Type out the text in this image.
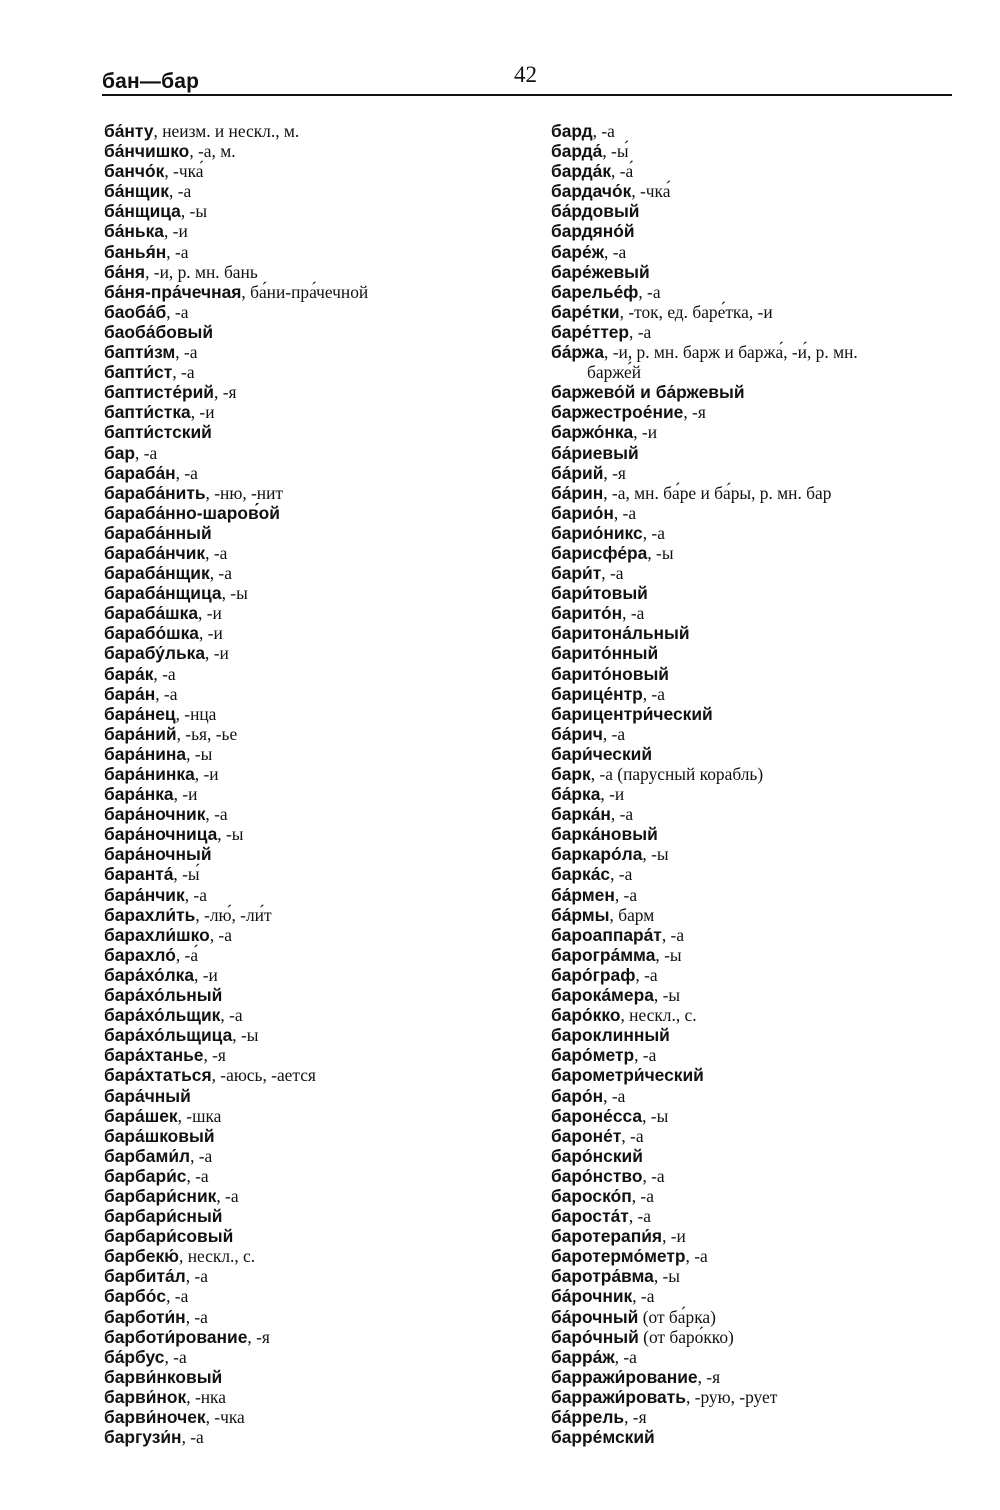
бан—бар	42
ба́нту, неизм. и нескл., м.
ба́нчишко, -а, м.
банчо́к, -чка́
ба́нщик, -а
ба́нщица, -ы
ба́нька, -и
банья́н, -а
ба́ня, -и, р. мн. бань
ба́ня-пра́чечная, ба́ни-пра́чечной
баоба́б, -а
баоба́бовый
бапти́зм, -а
бапти́ст, -а
баптисте́рий, -я
бапти́стка, -и
бапти́стский
бар, -а
бараба́н, -а
бараба́нить, -ню, -нит
бараба́нно-шаров́ой
бараба́нный
бараба́нчик, -а
бараба́нщик, -а
бараба́нщица, -ы
бараба́шка, -и
барабо́шка, -и
барабу́лька, -и
бара́к, -а
бара́н, -а
бара́нец, -нца
бара́ний, -ья, -ье
бара́нина, -ы
бара́нинка, -и
бара́нка, -и
бара́ночник, -а
бара́ночница, -ы
бара́ночный
баранта́, -ы́
бара́нчик, -а
барахли́ть, -лю́, -ли́т
барахли́шко, -а
барахло́, -а́
бара́хо́лка, -и
бара́хо́льный
бара́хо́льщик, -а
бара́хо́льщица, -ы
бара́хтанье, -я
бара́хтаться, -аюсь, -ается
бара́чный
бара́шек, -шка
бара́шковый
барбами́л, -а
барбари́с, -а
барбари́сник, -а
барбари́сный
барбари́совый
барбекю́, нескл., с.
барбита́л, -а
барбо́с, -а
барботи́н, -а
барботи́рование, -я
ба́рбус, -а
барви́нковый
барви́нок, -нка
барви́ночек, -чка
баргузи́н, -а
бард, -а
барда́, -ы́
барда́к, -а́
бардачо́к, -чка́
ба́рдовый
бардяно́й
баре́ж, -а
баре́жевый
барелье́ф, -а
баре́тки, -ток, ед. баре́тка, -и
баре́ттер, -а
ба́ржа, -и, р. мн. барж и баржа́, -и́, р. мн.
барже́й
баржево́й и ба́ржевый
баржестрое́ние, -я
баржо́нка, -и
ба́риевый
ба́рий, -я
ба́рин, -а, мн. ба́ре и ба́ры, р. мн. бар
барио́н, -а
барио́никс, -а
барисфе́ра, -ы
бари́т, -а
бари́товый
барито́н, -а
баритона́льный
барито́нный
барито́новый
барице́нтр, -а
барицентри́ческий
ба́рич, -а
бари́ческий
барк, -а (парусный корабль)
ба́рка, -и
барка́н, -а
барка́новый
баркаро́ла, -ы
барка́с, -а
ба́рмен, -а
ба́рмы, барм
бароаппара́т, -а
барогра́мма, -ы
баро́граф, -а
барока́мера, -ы
баро́кко, нескл., с.
бароклинный
баро́метр, -а
барометри́ческий
баро́н, -а
бароне́сса, -ы
бароне́т, -а
баро́нский
баро́нство, -а
бароско́п, -а
бароста́т, -а
баротерапи́я, -и
баротермо́метр, -а
баротра́вма, -ы
ба́рочник, -а
ба́рочный (от ба́рка)
баро́чный (от баро́кко)
барра́ж, -а
барражи́рование, -я
барражи́ровать, -рую, -рует
ба́ррель, -я
барре́мский
